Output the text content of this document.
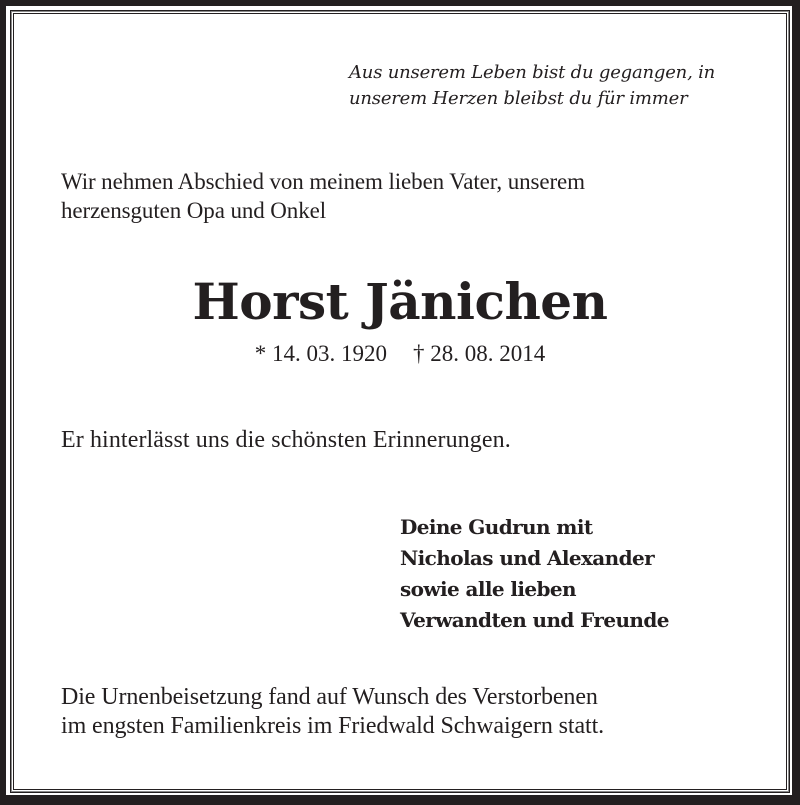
Aus unserem Leben bist du gegangen, in
unserem Herzen bleibst du für immer

Wir nehmen Abschied von meinem lieben Vater, unserem
herzensguten Opa und Onkel

Horst Jänichen

* 14. 03. 1920 † 28. 08. 2014

Er hinterlässt uns die schönsten Erinnerungen.

Deine Gudrun mit
Nicholas und Alexander
sowie alle lieben
Verwandten und Freunde

Die Urnenbeisetzung fand auf Wunsch des Verstorbenen
im engsten Familienkreis im Friedwald Schwaigern statt.
